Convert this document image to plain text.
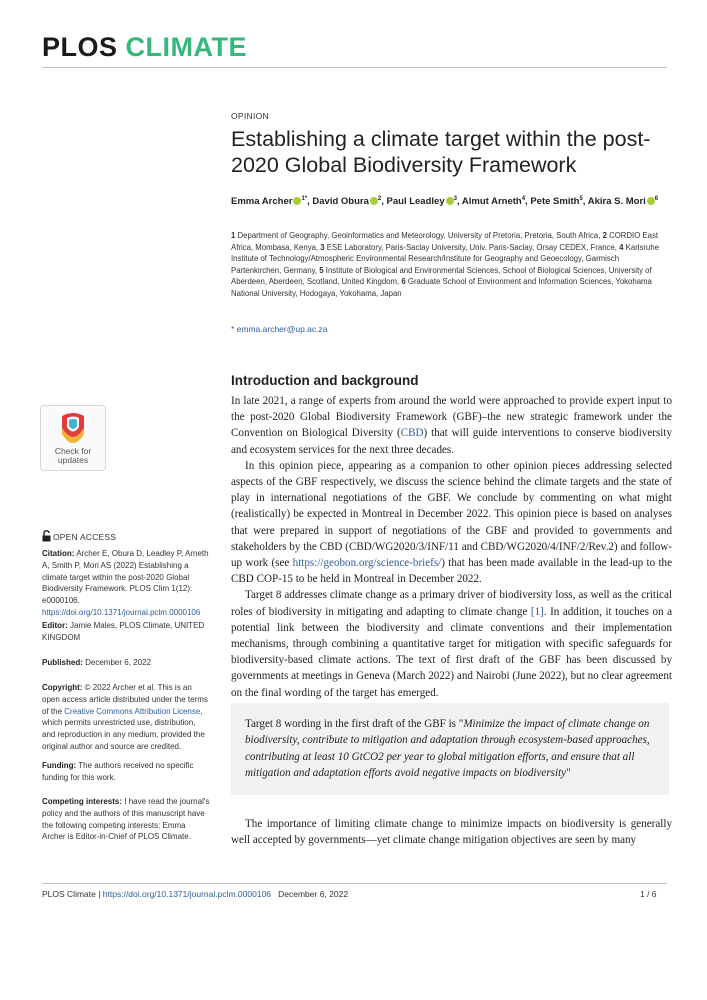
PLOS CLIMATE
OPINION
Establishing a climate target within the post-2020 Global Biodiversity Framework
Emma Archer $^{1*}$, David Obura $^2$, Paul Leadley $^3$, Almut Arneth$^4$, Pete Smith$^5$, Akira S. Mori $^6$
1 Department of Geography, Geoinformatics and Meteorology, University of Pretoria, Pretoria, South Africa, 2 CORDIO East Africa, Mombasa, Kenya, 3 ESE Laboratory, Paris-Saclay University, Univ. Paris-Saclay, Orsay CEDEX, France, 4 Karlsruhe Institute of Technology/Atmospheric Environmental Research/Institute for Geography and Geoecology, Garmisch Partenkirchen, Germany, 5 Institute of Biological and Environmental Sciences, School of Biological Sciences, University of Aberdeen, Aberdeen, Scotland, United Kingdom, 6 Graduate School of Environment and Information Sciences, Yokohama National University, Hodogaya, Yokohama, Japan
* emma.archer@up.ac.za
Introduction and background

In late 2021, a range of experts from around the world were approached to provide expert input to the post-2020 Global Biodiversity Framework (GBF)–the new strategic framework under the Convention on Biological Diversity (CBD) that will guide interventions to conserve biodiversity and ecosystem services for the next three decades.

In this opinion piece, appearing as a companion to other opinion pieces addressing selected aspects of the GBF respectively, we discuss the science behind the climate targets and the state of play in international negotiations of the GBF. We conclude by commenting on what might (realistically) be expected in Montreal in December 2022. This opinion piece is based on analyses that were prepared in support of negotiations of the GBF and provided to governments and stakeholders by the CBD (CBD/WG2020/3/INF/11 and CBD/WG2020/4/INF/2/Rev.2) and follow-up work (see https://geobon.org/science-briefs/) that has been made available in the lead-up to the CBD COP-15 to be held in Montreal in December 2022.

Target 8 addresses climate change as a primary driver of biodiversity loss, as well as the critical roles of biodiversity in mitigating and adapting to climate change [1]. In addition, it touches on a potential link between the biodiversity and climate conventions and their implementation mechanisms, through combining a quantitative target for mitigation with specific safeguards for biodiversity-based climate actions. The text of first draft of the GBF has been discussed by governments at meetings in Geneva (March 2022) and Nairobi (June 2022), but no clear agreement on the final wording of the target has emerged.

Target 8 wording in the first draft of the GBF is "Minimize the impact of climate change on biodiversity, contribute to mitigation and adaptation through ecosystem-based approaches, contributing at least 10 GtCO2 per year to global mitigation efforts, and ensure that all mitigation and adaptation efforts avoid negative impacts on biodiversity"

The importance of limiting climate change to minimize impacts on biodiversity is generally well accepted by governments—yet climate change mitigation objectives are seen by many

Check for
updates
OPEN ACCESS
Citation: Archer E, Obura D, Leadley P, Arneth A, Smith P, Mori AS (2022) Establishing a climate target within the post-2020 Global Biodiversity Framework. PLOS Clim 1(12): e0000106. https://doi.org/10.1371/journal.pclm.0000106
Editor: Jamie Males, PLOS Climate, UNITED KINGDOM
Published: December 6, 2022
Copyright: © 2022 Archer et al. This is an open access article distributed under the terms of the Creative Commons Attribution License, which permits unrestricted use, distribution, and reproduction in any medium, provided the original author and source are credited.
Funding: The authors received no specific funding for this work.
Competing interests: I have read the journal's policy and the authors of this manuscript have the following competing interests: Emma Archer is Editor-in-Chief of PLOS Climate.
PLOS Climate | https://doi.org/10.1371/journal.pclm.0000106 December 6, 2022	1 / 6
